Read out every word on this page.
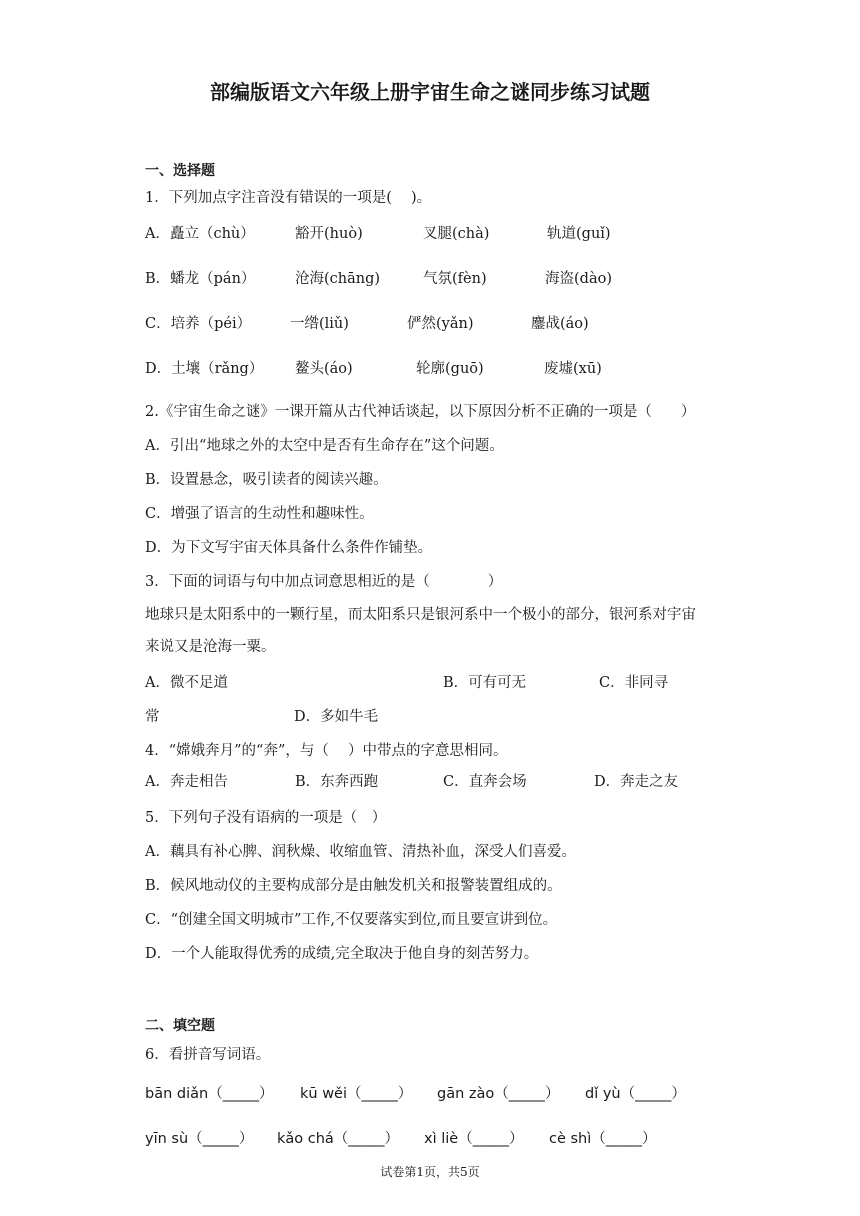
部编版语文六年级上册宇宙生命之谜同步练习试题
一、选择题
1．下列加点字注音没有错误的一项是(　 )。
A．矗立（chù）	豁开(huò)	叉腿(chà)	轨道(guǐ)
B．蟠龙（pán）	沧海(chāng)	气氛(fèn)	海盗(dào)
C．培养（péi）	一绺(liǔ)	俨然(yǎn)	鏖战(áo)
D．土壤（rǎng） 鳌头(áo)	轮廓(guō)	废墟(xū)
2.《宇宙生命之谜》一课开篇从古代神话谈起，以下原因分析不正确的一项是（　　）
A．引出“地球之外的太空中是否有生命存在”这个问题。
B．设置悬念，吸引读者的阅读兴趣。
C．增强了语言的生动性和趣味性。
D．为下文写宇宙天体具备什么条件作铺垫。
3．下面的词语与句中加点词意思相近的是（　　　　）
地球只是太阳系中的一颗行星，而太阳系只是银河系中一个极小的部分，银河系对宇宙
来说又是沧海一粟。
A．微不足道	B．可有可无	C．非同寻
常	D．多如牛毛
4．“嫦娥奔月”的“奔”，与（　 ）中带点的字意思相同。
A．奔走相告	B．东奔西跑	C．直奔会场	D．奔走之友
5．下列句子没有语病的一项是（　）
A．藕具有补心脾、润秋燥、收缩血管、清热补血，深受人们喜爱。
B．候风地动仪的主要构成部分是由触发机关和报警装置组成的。
C．“创建全国文明城市”工作,不仅要落实到位,而且要宣讲到位。
D．一个人能取得优秀的成绩,完全取决于他自身的刻苦努力。
二、填空题
6．看拼音写词语。
bān diǎn（_____） kū wěi（_____） gān zào（_____） dǐ yù（_____）
yīn sù（_____） kǎo chá（_____） xì liè（_____） cè shì（_____）
试卷第1页，共5页
